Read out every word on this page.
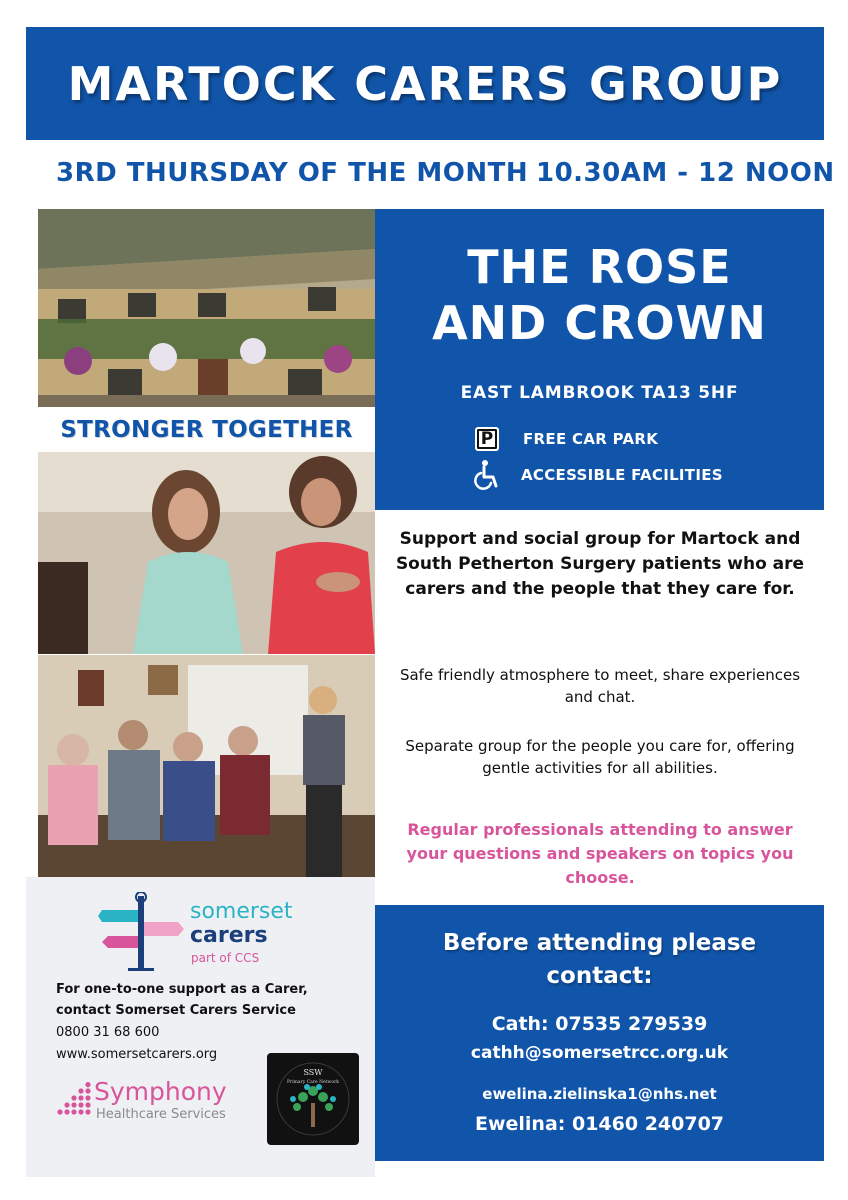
MARTOCK CARERS GROUP
3RD THURSDAY OF THE MONTH 10.30AM - 12 NOON
STRONGER TOGETHER
THE ROSE
AND CROWN
EAST LAMBROOK TA13 5HF
P	FREE CAR PARK
ACCESSIBLE FACILITIES
Support and social group for Martock and South Petherton Surgery patients who are carers and the people that they care for.
Safe friendly atmosphere to meet, share experiences and chat.
Separate group for the people you care for, offering gentle activities for all abilities.
Regular professionals attending to answer your questions and speakers on topics you choose.
somerset
carers
part of CCS
For one-to-one support as a Carer,
contact Somerset Carers Service
0800 31 68 600
www.somersetcarers.org
Symphony
Healthcare Services
SSW
Primary Care Network
Before attending please
contact:
Cath: 07535 279539
cathh@somersetrcc.org.uk
ewelina.zielinska1@nhs.net
Ewelina: 01460 240707
